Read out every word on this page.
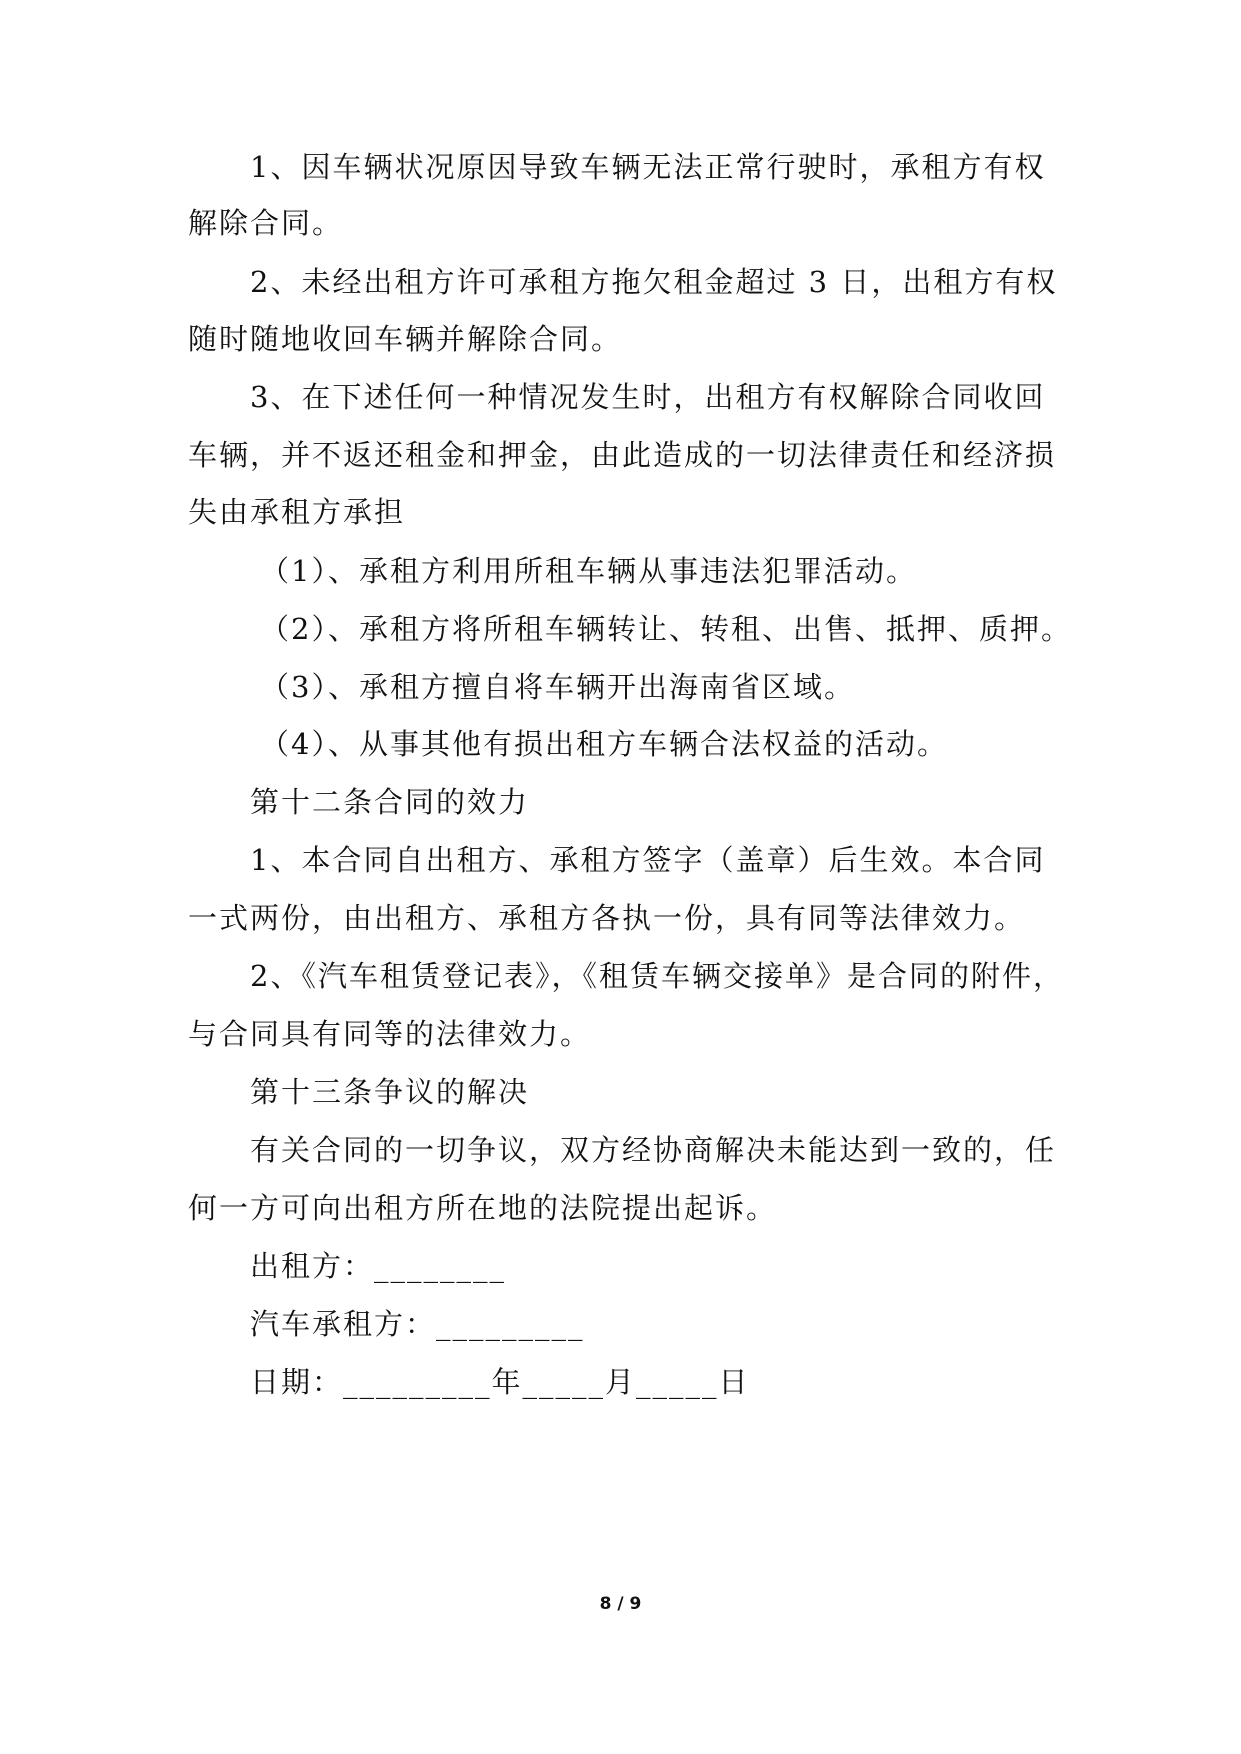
1、因车辆状况原因导致车辆无法正常行驶时，承租方有权
解除合同。
2、未经出租方许可承租方拖欠租金超过 3 日，出租方有权
随时随地收回车辆并解除合同。
3、在下述任何一种情况发生时，出租方有权解除合同收回
车辆，并不返还租金和押金，由此造成的一切法律责任和经济损
失由承租方承担
（1）、承租方利用所租车辆从事违法犯罪活动。
（2）、承租方将所租车辆转让、转租、出售、抵押、质押。
（3）、承租方擅自将车辆开出海南省区域。
（4）、从事其他有损出租方车辆合法权益的活动。
第十二条合同的效力
1、本合同自出租方、承租方签字（盖章）后生效。本合同
一式两份，由出租方、承租方各执一份，具有同等法律效力。
2、《汽车租赁登记表》，《租赁车辆交接单》是合同的附件，
与合同具有同等的法律效力。
第十三条争议的解决
有关合同的一切争议，双方经协商解决未能达到一致的，任
何一方可向出租方所在地的法院提出起诉。
出租方：________
汽车承租方：_________
日期：_________年_____月_____日
8 / 9
